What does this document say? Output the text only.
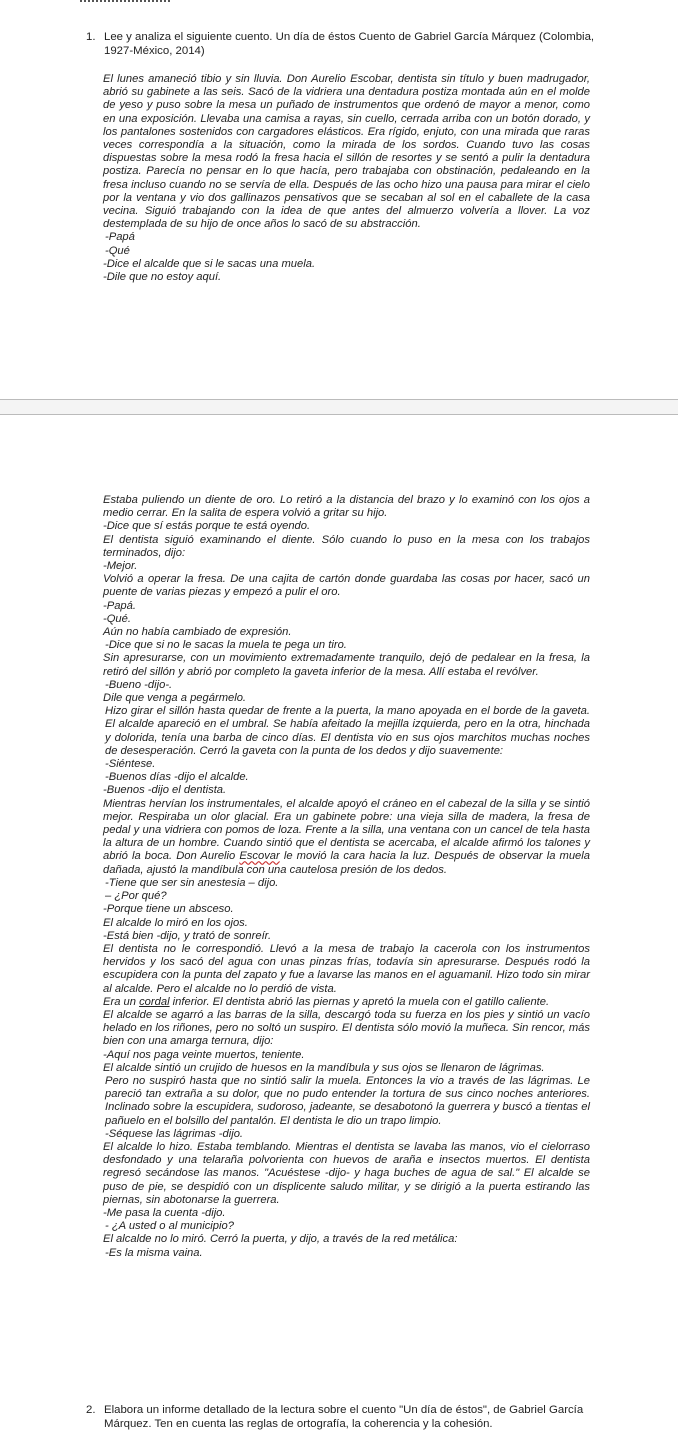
1. Lee y analiza el siguiente cuento. Un día de éstos Cuento de Gabriel García Márquez (Colombia,
1927-México, 2014)

El lunes amaneció tibio y sin lluvia. Don Aurelio Escobar, dentista sin título y buen madrugador, abrió su gabinete a las seis. Sacó de la vidriera una dentadura postiza montada aún en el molde de yeso y puso sobre la mesa un puñado de instrumentos que ordenó de mayor a menor, como en una exposición. Llevaba una camisa a rayas, sin cuello, cerrada arriba con un botón dorado, y los pantalones sostenidos con cargadores elásticos. Era rígido, enjuto, con una mirada que raras veces correspondía a la situación, como la mirada de los sordos. Cuando tuvo las cosas dispuestas sobre la mesa rodó la fresa hacia el sillón de resortes y se sentó a pulir la dentadura postiza. Parecía no pensar en lo que hacía, pero trabajaba con obstinación, pedaleando en la fresa incluso cuando no se servía de ella. Después de las ocho hizo una pausa para mirar el cielo por la ventana y vio dos gallinazos pensativos que se secaban al sol en el caballete de la casa vecina. Siguió trabajando con la idea de que antes del almuerzo volvería a llover. La voz destemplada de su hijo de once años lo sacó de su abstracción.

-Papá

-Qué

-Dice el alcalde que si le sacas una muela.

-Dile que no estoy aquí.

Estaba puliendo un diente de oro. Lo retiró a la distancia del brazo y lo examinó con los ojos a medio cerrar. En la salita de espera volvió a gritar su hijo.

-Dice que sí estás porque te está oyendo.

El dentista siguió examinando el diente. Sólo cuando lo puso en la mesa con los trabajos terminados, dijo:

-Mejor.

Volvió a operar la fresa. De una cajita de cartón donde guardaba las cosas por hacer, sacó un puente de varias piezas y empezó a pulir el oro.

-Papá.

-Qué.

Aún no había cambiado de expresión.

-Dice que si no le sacas la muela te pega un tiro.

Sin apresurarse, con un movimiento extremadamente tranquilo, dejó de pedalear en la fresa, la retiró del sillón y abrió por completo la gaveta inferior de la mesa. Allí estaba el revólver.

-Bueno -dijo-.

Dile que venga a pegármelo.

Hizo girar el sillón hasta quedar de frente a la puerta, la mano apoyada en el borde de la gaveta. El alcalde apareció en el umbral. Se había afeitado la mejilla izquierda, pero en la otra, hinchada y dolorida, tenía una barba de cinco días. El dentista vio en sus ojos marchitos muchas noches de desesperación. Cerró la gaveta con la punta de los dedos y dijo suavemente:

-Siéntese.

-Buenos días -dijo el alcalde.

-Buenos -dijo el dentista.

Mientras hervían los instrumentales, el alcalde apoyó el cráneo en el cabezal de la silla y se sintió mejor. Respiraba un olor glacial. Era un gabinete pobre: una vieja silla de madera, la fresa de pedal y una vidriera con pomos de loza. Frente a la silla, una ventana con un cancel de tela hasta la altura de un hombre. Cuando sintió que el dentista se acercaba, el alcalde afirmó los talones y abrió la boca. Don Aurelio Escovar le movió la cara hacia la luz. Después de observar la muela dañada, ajustó la mandíbula con una cautelosa presión de los dedos.

-Tiene que ser sin anestesia – dijo.

– ¿Por qué?

-Porque tiene un absceso.

El alcalde lo miró en los ojos.

-Está bien -dijo, y trató de sonreír.

El dentista no le correspondió. Llevó a la mesa de trabajo la cacerola con los instrumentos hervidos y los sacó del agua con unas pinzas frías, todavía sin apresurarse. Después rodó la escupidera con la punta del zapato y fue a lavarse las manos en el aguamanil. Hizo todo sin mirar al alcalde. Pero el alcalde no lo perdió de vista.

Era un cordal inferior. El dentista abrió las piernas y apretó la muela con el gatillo caliente.

El alcalde se agarró a las barras de la silla, descargó toda su fuerza en los pies y sintió un vacío helado en los riñones, pero no soltó un suspiro. El dentista sólo movió la muñeca. Sin rencor, más bien con una amarga ternura, dijo:

-Aquí nos paga veinte muertos, teniente.

El alcalde sintió un crujido de huesos en la mandíbula y sus ojos se llenaron de lágrimas.

Pero no suspiró hasta que no sintió salir la muela. Entonces la vio a través de las lágrimas. Le pareció tan extraña a su dolor, que no pudo entender la tortura de sus cinco noches anteriores. Inclinado sobre la escupidera, sudoroso, jadeante, se desabotonó la guerrera y buscó a tientas el pañuelo en el bolsillo del pantalón. El dentista le dio un trapo limpio.

-Séquese las lágrimas -dijo.

El alcalde lo hizo. Estaba temblando. Mientras el dentista se lavaba las manos, vio el cielorraso desfondado y una telaraña polvorienta con huevos de araña e insectos muertos. El dentista regresó secándose las manos. "Acuéstese -dijo- y haga buches de agua de sal." El alcalde se puso de pie, se despidió con un displicente saludo militar, y se dirigió a la puerta estirando las piernas, sin abotonarse la guerrera.

-Me pasa la cuenta -dijo.

- ¿A usted o al municipio?

El alcalde no lo miró. Cerró la puerta, y dijo, a través de la red metálica:

-Es la misma vaina.

2. Elabora un informe detallado de la lectura sobre el cuento "Un día de éstos", de Gabriel García
Márquez. Ten en cuenta las reglas de ortografía, la coherencia y la cohesión.
